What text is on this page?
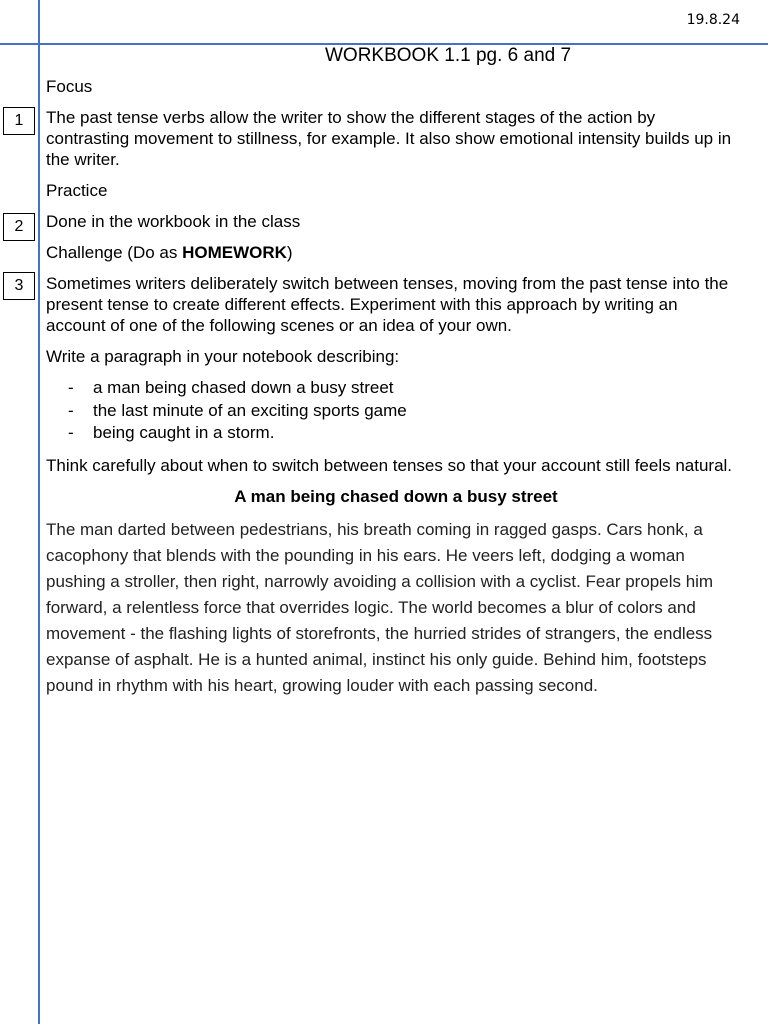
19.8.24
WORKBOOK 1.1 pg. 6 and 7
1
2
3

Focus

The past tense verbs allow the writer to show the different stages of the action by contrasting movement to stillness, for example. It also show emotional intensity builds up in the writer.

Practice

Done in the workbook in the class

Challenge (Do as HOMEWORK)

Sometimes writers deliberately switch between tenses, moving from the past tense into the present tense to create different effects. Experiment with this approach by writing an account of one of the following scenes or an idea of your own.

Write a paragraph in your notebook describing:

- a man being chased down a busy street
- the last minute of an exciting sports game
- being caught in a storm.

Think carefully about when to switch between tenses so that your account still feels natural.

A man being chased down a busy street

The man darted between pedestrians, his breath coming in ragged gasps. Cars honk, a cacophony that blends with the pounding in his ears. He veers left, dodging a woman pushing a stroller, then right, narrowly avoiding a collision with a cyclist. Fear propels him forward, a relentless force that overrides logic. The world becomes a blur of colors and movement - the flashing lights of storefronts, the hurried strides of strangers, the endless expanse of asphalt. He is a hunted animal, instinct his only guide. Behind him, footsteps pound in rhythm with his heart, growing louder with each passing second.
